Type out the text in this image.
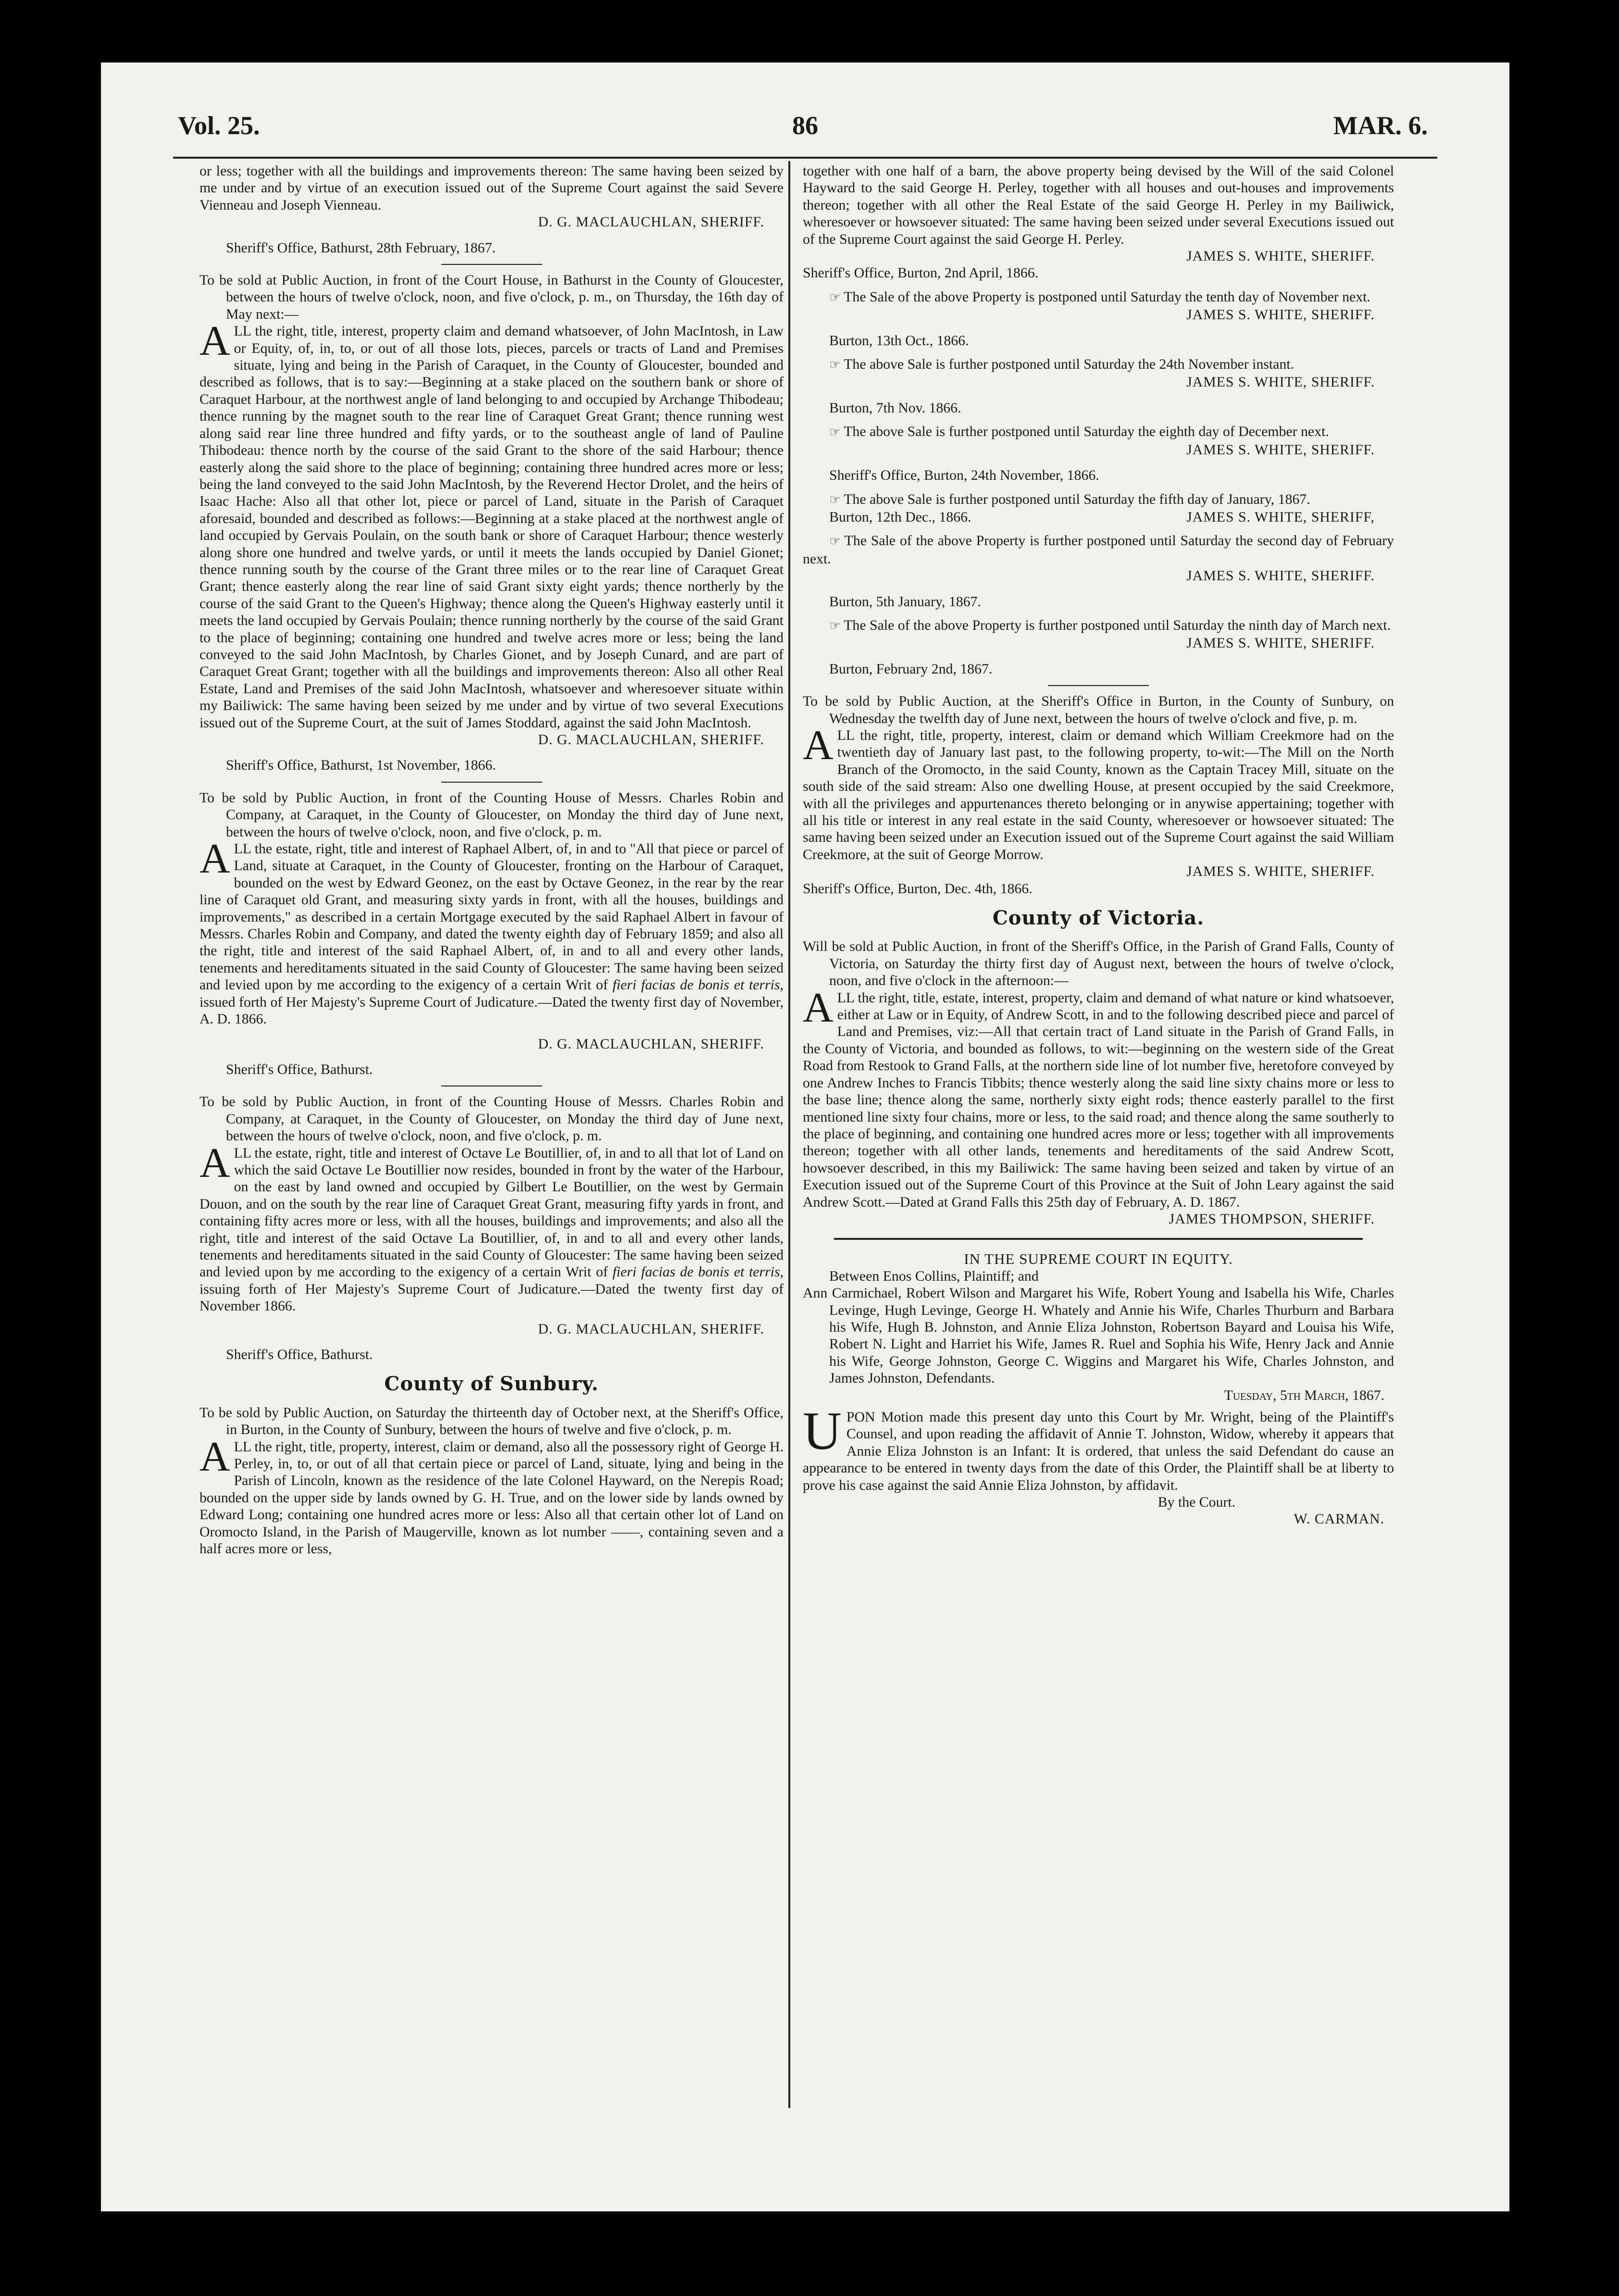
Vol. 25.	86	MAR. 6.

or less; together with all the buildings and improvements thereon: The same having been seized by me under and by virtue of an execution issued out of the Supreme Court against the said Severe Vienneau and Joseph Vienneau.

D. G. MACLAUCHLAN, SHERIFF.

Sheriff's Office, Bathurst, 28th February, 1867.

To be sold at Public Auction, in front of the Court House, in Bathurst in the County of Gloucester, between the hours of twelve o'clock, noon, and five o'clock, p. m., on Thursday, the 16th day of May next:—

ALL the right, title, interest, property claim and demand whatsoever, of John MacIntosh, in Law or Equity, of, in, to, or out of all those lots, pieces, parcels or tracts of Land and Premises situate, lying and being in the Parish of Caraquet, in the County of Gloucester, bounded and described as follows, that is to say:—Beginning at a stake placed on the southern bank or shore of Caraquet Harbour, at the northwest angle of land belonging to and occupied by Archange Thibodeau; thence running by the magnet south to the rear line of Caraquet Great Grant; thence running west along said rear line three hundred and fifty yards, or to the southeast angle of land of Pauline Thibodeau: thence north by the course of the said Grant to the shore of the said Harbour; thence easterly along the said shore to the place of beginning; containing three hundred acres more or less; being the land conveyed to the said John MacIntosh, by the Reverend Hector Drolet, and the heirs of Isaac Hache: Also all that other lot, piece or parcel of Land, situate in the Parish of Caraquet aforesaid, bounded and described as follows:—Beginning at a stake placed at the northwest angle of land occupied by Gervais Poulain, on the south bank or shore of Caraquet Harbour; thence westerly along shore one hundred and twelve yards, or until it meets the lands occupied by Daniel Gionet; thence running south by the course of the Grant three miles or to the rear line of Caraquet Great Grant; thence easterly along the rear line of said Grant sixty eight yards; thence northerly by the course of the said Grant to the Queen's Highway; thence along the Queen's Highway easterly until it meets the land occupied by Gervais Poulain; thence running northerly by the course of the said Grant to the place of beginning; containing one hundred and twelve acres more or less; being the land conveyed to the said John MacIntosh, by Charles Gionet, and by Joseph Cunard, and are part of Caraquet Great Grant; together with all the buildings and improvements thereon: Also all other Real Estate, Land and Premises of the said John MacIntosh, whatsoever and wheresoever situate within my Bailiwick: The same having been seized by me under and by virtue of two several Executions issued out of the Supreme Court, at the suit of James Stoddard, against the said John MacIntosh.

D. G. MACLAUCHLAN, SHERIFF.

Sheriff's Office, Bathurst, 1st November, 1866.

To be sold by Public Auction, in front of the Counting House of Messrs. Charles Robin and Company, at Caraquet, in the County of Gloucester, on Monday the third day of June next, between the hours of twelve o'clock, noon, and five o'clock, p. m.

ALL the estate, right, title and interest of Raphael Albert, of, in and to "All that piece or parcel of Land, situate at Caraquet, in the County of Gloucester, fronting on the Harbour of Caraquet, bounded on the west by Edward Geonez, on the east by Octave Geonez, in the rear by the rear line of Caraquet old Grant, and measuring sixty yards in front, with all the houses, buildings and improvements," as described in a certain Mortgage executed by the said Raphael Albert in favour of Messrs. Charles Robin and Company, and dated the twenty eighth day of February 1859; and also all the right, title and interest of the said Raphael Albert, of, in and to all and every other lands, tenements and hereditaments situated in the said County of Gloucester: The same having been seized and levied upon by me according to the exigency of a certain Writ of fieri facias de bonis et terris, issued forth of Her Majesty's Supreme Court of Judicature.—Dated the twenty first day of November, A. D. 1866.

D. G. MACLAUCHLAN, SHERIFF.

Sheriff's Office, Bathurst.

To be sold by Public Auction, in front of the Counting House of Messrs. Charles Robin and Company, at Caraquet, in the County of Gloucester, on Monday the third day of June next, between the hours of twelve o'clock, noon, and five o'clock, p. m.

ALL the estate, right, title and interest of Octave Le Boutillier, of, in and to all that lot of Land on which the said Octave Le Boutillier now resides, bounded in front by the water of the Harbour, on the east by land owned and occupied by Gilbert Le Boutillier, on the west by Germain Douon, and on the south by the rear line of Caraquet Great Grant, measuring fifty yards in front, and containing fifty acres more or less, with all the houses, buildings and improvements; and also all the right, title and interest of the said Octave La Boutillier, of, in and to all and every other lands, tenements and hereditaments situated in the said County of Gloucester: The same having been seized and levied upon by me according to the exigency of a certain Writ of fieri facias de bonis et terris, issuing forth of Her Majesty's Supreme Court of Judicature.—Dated the twenty first day of November 1866.

D. G. MACLAUCHLAN, SHERIFF.

Sheriff's Office, Bathurst.

County of Sunbury.

To be sold by Public Auction, on Saturday the thirteenth day of October next, at the Sheriff's Office, in Burton, in the County of Sunbury, between the hours of twelve and five o'clock, p. m.

ALL the right, title, property, interest, claim or demand, also all the possessory right of George H. Perley, in, to, or out of all that certain piece or parcel of Land, situate, lying and being in the Parish of Lincoln, known as the residence of the late Colonel Hayward, on the Nerepis Road; bounded on the upper side by lands owned by G. H. True, and on the lower side by lands owned by Edward Long; containing one hundred acres more or less: Also all that certain other lot of Land on Oromocto Island, in the Parish of Maugerville, known as lot number ——, containing seven and a half acres more or less,

together with one half of a barn, the above property being devised by the Will of the said Colonel Hayward to the said George H. Perley, together with all houses and out-houses and improvements thereon; together with all other the Real Estate of the said George H. Perley in my Bailiwick, wheresoever or howsoever situated: The same having been seized under several Executions issued out of the Supreme Court against the said George H. Perley.

JAMES S. WHITE, SHERIFF.

Sheriff's Office, Burton, 2nd April, 1866.

☞ The Sale of the above Property is postponed until Saturday the tenth day of November next.

JAMES S. WHITE, SHERIFF.

Burton, 13th Oct., 1866.

☞ The above Sale is further postponed until Saturday the 24th November instant.

JAMES S. WHITE, SHERIFF.

Burton, 7th Nov. 1866.

☞ The above Sale is further postponed until Saturday the eighth day of December next.

JAMES S. WHITE, SHERIFF.

Sheriff's Office, Burton, 24th November, 1866.

☞ The above Sale is further postponed until Saturday the fifth day of January, 1867.

Burton, 12th Dec., 1866.	JAMES S. WHITE, SHERIFF,

☞ The Sale of the above Property is further postponed until Saturday the second day of February next.

JAMES S. WHITE, SHERIFF.

Burton, 5th January, 1867.

☞ The Sale of the above Property is further postponed until Saturday the ninth day of March next.

JAMES S. WHITE, SHERIFF.

Burton, February 2nd, 1867.

To be sold by Public Auction, at the Sheriff's Office in Burton, in the County of Sunbury, on Wednesday the twelfth day of June next, between the hours of twelve o'clock and five, p. m.

ALL the right, title, property, interest, claim or demand which William Creekmore had on the twentieth day of January last past, to the following property, to-wit:—The Mill on the North Branch of the Oromocto, in the said County, known as the Captain Tracey Mill, situate on the south side of the said stream: Also one dwelling House, at present occupied by the said Creekmore, with all the privileges and appurtenances thereto belonging or in anywise appertaining; together with all his title or interest in any real estate in the said County, wheresoever or howsoever situated: The same having been seized under an Execution issued out of the Supreme Court against the said William Creekmore, at the suit of George Morrow.

JAMES S. WHITE, SHERIFF.

Sheriff's Office, Burton, Dec. 4th, 1866.

County of Victoria.

Will be sold at Public Auction, in front of the Sheriff's Office, in the Parish of Grand Falls, County of Victoria, on Saturday the thirty first day of August next, between the hours of twelve o'clock, noon, and five o'clock in the afternoon:—

ALL the right, title, estate, interest, property, claim and demand of what nature or kind whatsoever, either at Law or in Equity, of Andrew Scott, in and to the following described piece and parcel of Land and Premises, viz:—All that certain tract of Land situate in the Parish of Grand Falls, in the County of Victoria, and bounded as follows, to wit:—beginning on the western side of the Great Road from Restook to Grand Falls, at the northern side line of lot number five, heretofore conveyed by one Andrew Inches to Francis Tibbits; thence westerly along the said line sixty chains more or less to the base line; thence along the same, northerly sixty eight rods; thence easterly parallel to the first mentioned line sixty four chains, more or less, to the said road; and thence along the same southerly to the place of beginning, and containing one hundred acres more or less; together with all improvements thereon; together with all other lands, tenements and hereditaments of the said Andrew Scott, howsoever described, in this my Bailiwick: The same having been seized and taken by virtue of an Execution issued out of the Supreme Court of this Province at the Suit of John Leary against the said Andrew Scott.—Dated at Grand Falls this 25th day of February, A. D. 1867.

JAMES THOMPSON, SHERIFF.

IN THE SUPREME COURT IN EQUITY.

Between Enos Collins, Plaintiff; and

Ann Carmichael, Robert Wilson and Margaret his Wife, Robert Young and Isabella his Wife, Charles Levinge, Hugh Levinge, George H. Whately and Annie his Wife, Charles Thurburn and Barbara his Wife, Hugh B. Johnston, and Annie Eliza Johnston, Robertson Bayard and Louisa his Wife, Robert N. Light and Harriet his Wife, James R. Ruel and Sophia his Wife, Henry Jack and Annie his Wife, George Johnston, George C. Wiggins and Margaret his Wife, Charles Johnston, and James Johnston, Defendants.

Tuesday, 5th March, 1867.

UPON Motion made this present day unto this Court by Mr. Wright, being of the Plaintiff's Counsel, and upon reading the affidavit of Annie T. Johnston, Widow, whereby it appears that Annie Eliza Johnston is an Infant: It is ordered, that unless the said Defendant do cause an appearance to be entered in twenty days from the date of this Order, the Plaintiff shall be at liberty to prove his case against the said Annie Eliza Johnston, by affidavit.

By the Court.

W. CARMAN.
